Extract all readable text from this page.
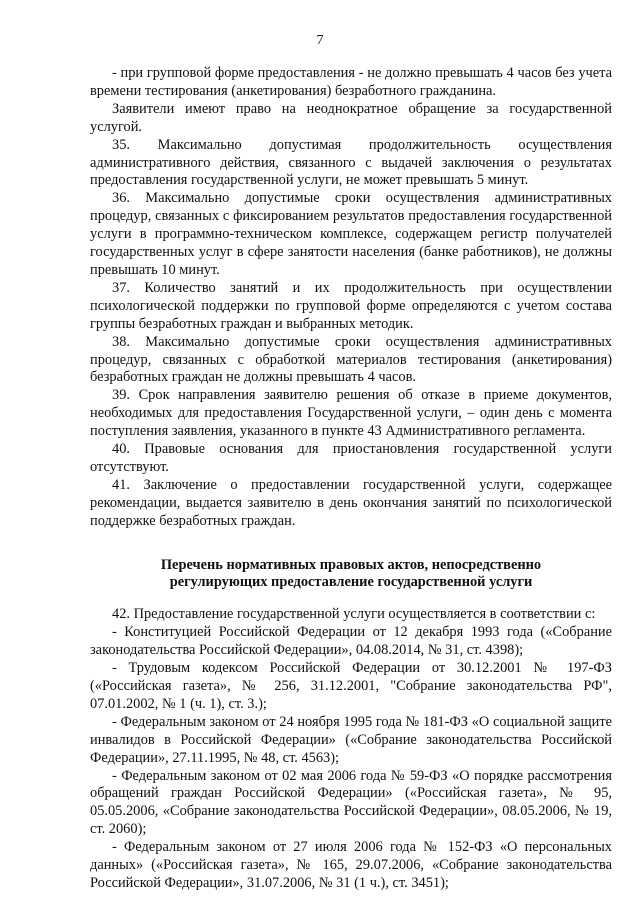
7

- при групповой форме предоставления - не должно превышать 4 часов без учета времени тестирования (анкетирования) безработного гражданина.

Заявители имеют право на неоднократное обращение за государственной услугой.

35. Максимально допустимая продолжительность осуществления административного действия, связанного с выдачей заключения о результатах предоставления государственной услуги, не может превышать 5 минут.

36. Максимально допустимые сроки осуществления административных процедур, связанных с фиксированием результатов предоставления государственной услуги в программно-техническом комплексе, содержащем регистр получателей государственных услуг в сфере занятости населения (банке работников), не должны превышать 10 минут.

37. Количество занятий и их продолжительность при осуществлении психологической поддержки по групповой форме определяются с учетом состава группы безработных граждан и выбранных методик.

38. Максимально допустимые сроки осуществления административных процедур, связанных с обработкой материалов тестирования (анкетирования) безработных граждан не должны превышать 4 часов.

39. Срок направления заявителю решения об отказе в приеме документов, необходимых для предоставления Государственной услуги, – один день с момента поступления заявления, указанного в пункте 43 Административного регламента.

40. Правовые основания для приостановления государственной услуги отсутствуют.

41. Заключение о предоставлении государственной услуги, содержащее рекомендации, выдается заявителю в день окончания занятий по психологической поддержке безработных граждан.

Перечень нормативных правовых актов, непосредственно
регулирующих предоставление государственной услуги

42. Предоставление государственной услуги осуществляется в соответствии с:

- Конституцией Российской Федерации от 12 декабря 1993 года («Собрание законодательства Российской Федерации», 04.08.2014, № 31, ст. 4398);

- Трудовым кодексом Российской Федерации от 30.12.2001 № 197-ФЗ («Российская газета», № 256, 31.12.2001, "Собрание законодательства РФ", 07.01.2002, № 1 (ч. 1), ст. 3.);

- Федеральным законом от 24 ноября 1995 года № 181-ФЗ «О социальной защите инвалидов в Российской Федерации» («Собрание законодательства Российской Федерации», 27.11.1995, № 48, ст. 4563);

- Федеральным законом от 02 мая 2006 года № 59-ФЗ «О порядке рассмотрения обращений граждан Российской Федерации» («Российская газета», № 95, 05.05.2006, «Собрание законодательства Российской Федерации», 08.05.2006, № 19, ст. 2060);

- Федеральным законом от 27 июля 2006 года № 152-ФЗ «О персональных данных» («Российская газета», № 165, 29.07.2006, «Собрание законодательства Российской Федерации», 31.07.2006, № 31 (1 ч.), ст. 3451);
